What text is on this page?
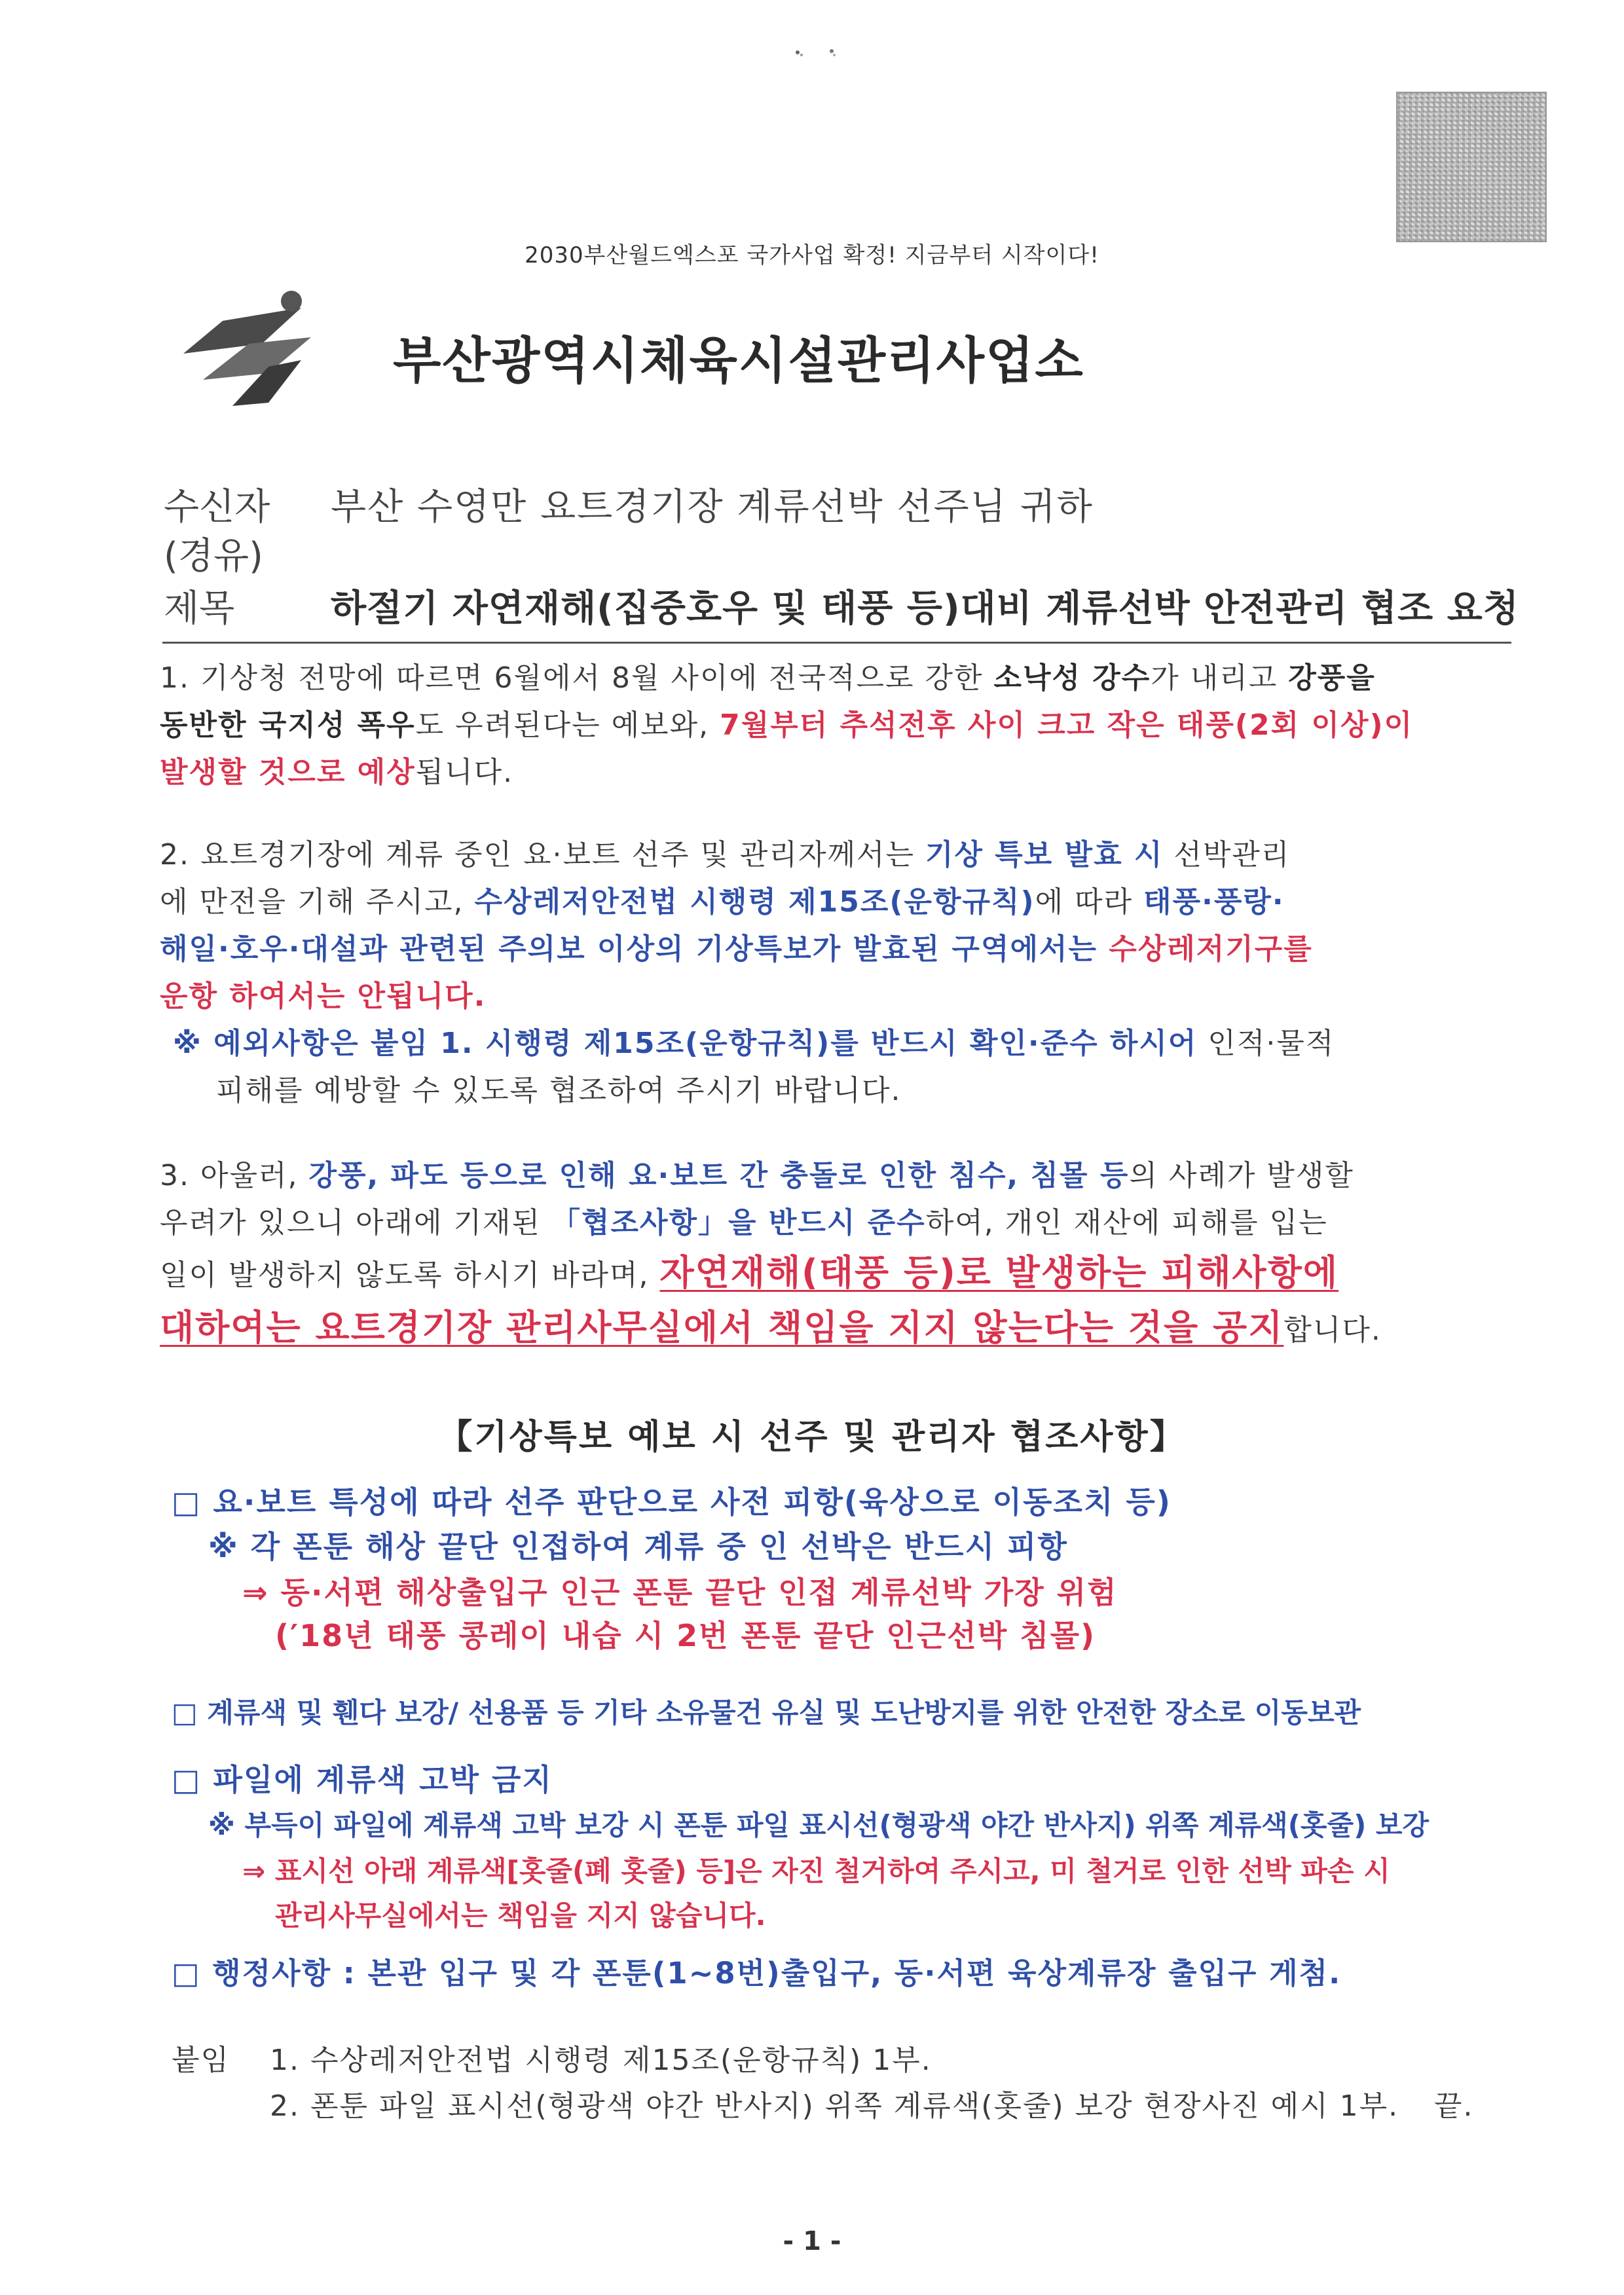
2030부산월드엑스포 국가사업 확정! 지금부터 시작이다!
부산광역시체육시설관리사업소
수신자 부산 수영만 요트경기장 계류선박 선주님 귀하
(경유)
제목	하절기 자연재해(집중호우 및 태풍 등)대비 계류선박 안전관리 협조 요청
1. 기상청 전망에 따르면 6월에서 8월 사이에 전국적으로 강한 소낙성 강수가 내리고 강풍을
동반한 국지성 폭우도 우려된다는 예보와, 7월부터 추석전후 사이 크고 작은 태풍(2회 이상)이
발생할 것으로 예상됩니다.
2. 요트경기장에 계류 중인 요·보트 선주 및 관리자께서는 기상 특보 발효 시 선박관리
에 만전을 기해 주시고, 수상레저안전법 시행령 제15조(운항규칙)에 따라 태풍·풍랑·
해일·호우·대설과 관련된 주의보 이상의 기상특보가 발효된 구역에서는 수상레저기구를
운항 하여서는 안됩니다.
※ 예외사항은 붙임 1. 시행령 제15조(운항규칙)를 반드시 확인·준수 하시어 인적·물적
피해를 예방할 수 있도록 협조하여 주시기 바랍니다.
3. 아울러, 강풍, 파도 등으로 인해 요·보트 간 충돌로 인한 침수, 침몰 등의 사례가 발생할
우려가 있으니 아래에 기재된 「협조사항」을 반드시 준수하여, 개인 재산에 피해를 입는
일이 발생하지 않도록 하시기 바라며, 자연재해(태풍 등)로 발생하는 피해사항에
대하여는 요트경기장 관리사무실에서 책임을 지지 않는다는 것을 공지합니다.
【기상특보 예보 시 선주 및 관리자 협조사항】
□ 요·보트 특성에 따라 선주 판단으로 사전 피항(육상으로 이동조치 등)
※ 각 폰툰 해상 끝단 인접하여 계류 중 인 선박은 반드시 피항
⇒ 동·서편 해상출입구 인근 폰툰 끝단 인접 계류선박 가장 위험
(′18년 태풍 콩레이 내습 시 2번 폰툰 끝단 인근선박 침몰)
□ 계류색 및 휀다 보강/ 선용품 등 기타 소유물건 유실 및 도난방지를 위한 안전한 장소로 이동보관
□ 파일에 계류색 고박 금지
※ 부득이 파일에 계류색 고박 보강 시 폰툰 파일 표시선(형광색 야간 반사지) 위쪽 계류색(홋줄) 보강
⇒ 표시선 아래 계류색[홋줄(폐 홋줄) 등]은 자진 철거하여 주시고, 미 철거로 인한 선박 파손 시
관리사무실에서는 책임을 지지 않습니다.
□ 행정사항 : 본관 입구 및 각 폰툰(1~8번)출입구, 동·서편 육상계류장 출입구 게첨.
붙임 1. 수상레저안전법 시행령 제15조(운항규칙) 1부.
2. 폰툰 파일 표시선(형광색 야간 반사지) 위쪽 계류색(홋줄) 보강 현장사진 예시 1부. 끝.
- 1 -
